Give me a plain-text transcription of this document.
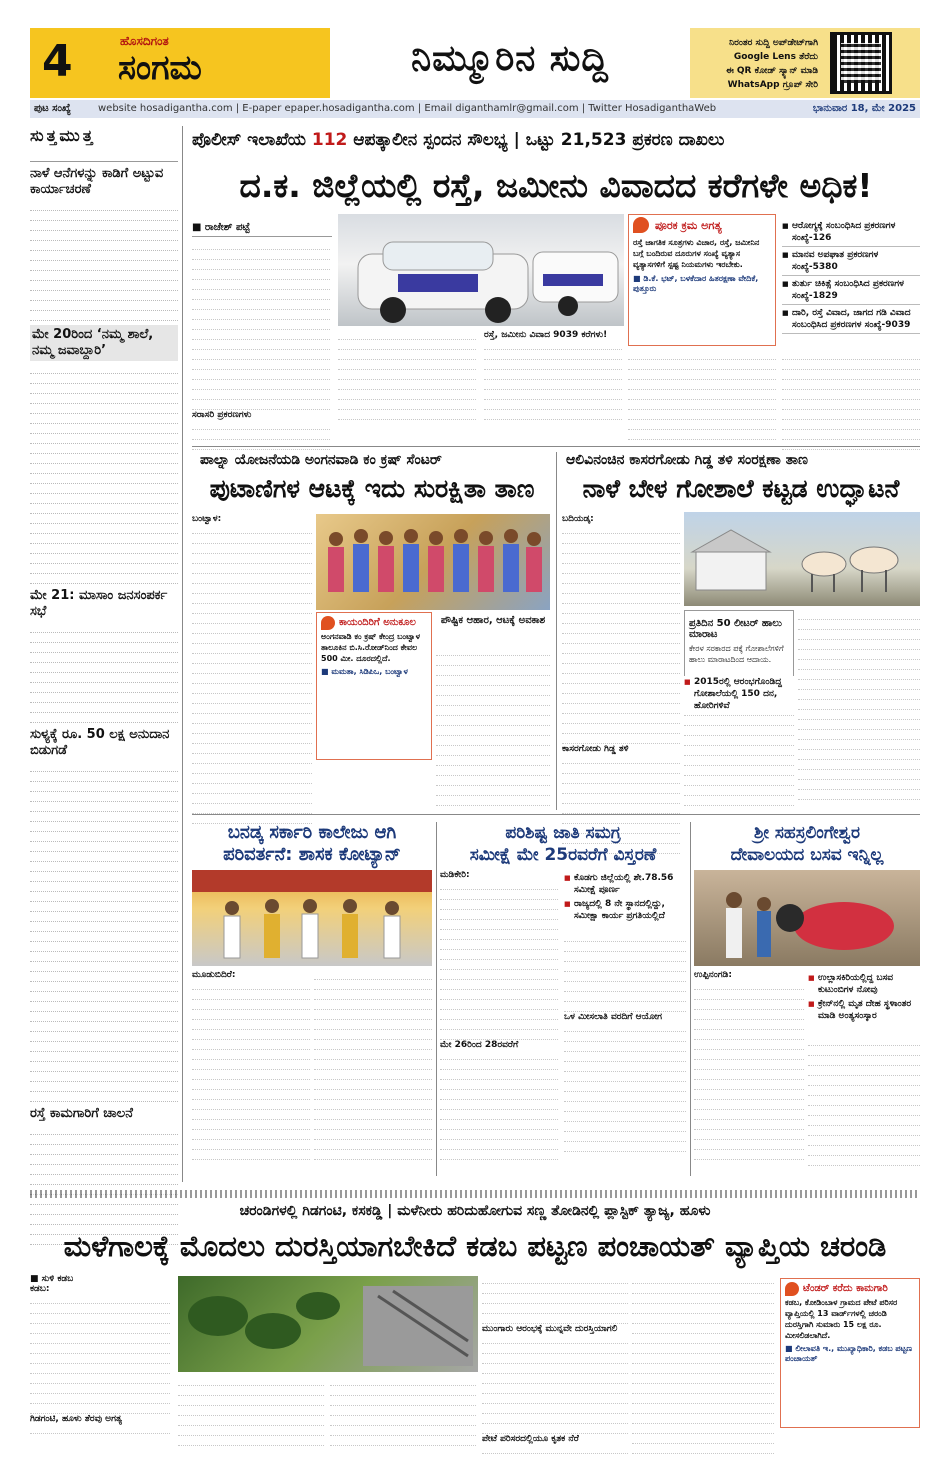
4	ಹೊಸದಿಗಂತ
ಸಂಗಮ	ನಿಮ್ಮೂರಿನ ಸುದ್ದಿ	ನಿರಂತರ ಸುದ್ದಿ ಅಪ್‌ಡೇಟ್‌ಗಾಗಿ
Google Lens ತೆರೆದು
ಈ QR ಕೋಡ್ ಸ್ಕ್ಯಾನ್ ಮಾಡಿ
WhatsApp ಗ್ರೂಪ್ ಸೇರಿ
ಪುಟ ಸಂಖ್ಯೆ	website hosadigantha.com | E-paper epaper.hosadigantha.com | Email diganthamlr@gmail.com | Twitter HosadiganthaWeb	ಭಾನುವಾರ 18, ಮೇ 2025
ಸುತ್ತಮುತ್ತ
ನಾಳೆ ಆನೆಗಳನ್ನು ಕಾಡಿಗೆ ಅಟ್ಟುವ ಕಾರ್ಯಾಚರಣೆ
ಮೇ 20ರಿಂದ ‘ನಮ್ಮ ಶಾಲೆ, ನಮ್ಮ ಜವಾಬ್ದಾರಿ’
ಮೇ 21: ಮಾಸಾಂ ಜನಸಂಪರ್ಕ ಸಭೆ
ಸುಳ್ಯಕ್ಕೆ ರೂ. 50 ಲಕ್ಷ ಅನುದಾನ ಬಿಡುಗಡೆ
ರಸ್ತೆ ಕಾಮಗಾರಿಗೆ ಚಾಲನೆ
ಪೊಲೀಸ್ ಇಲಾಖೆಯ 112 ಆಪತ್ಕಾಲೀನ ಸ್ಪಂದನ ಸೌಲಭ್ಯ | ಒಟ್ಟು 21,523 ಪ್ರಕರಣ ದಾಖಲು
ದ.ಕ. ಜಿಲ್ಲೆಯಲ್ಲಿ ರಸ್ತೆ, ಜಮೀನು ವಿವಾದದ ಕರೆಗಳೇ ಅಧಿಕ!
■ ರಾಜೇಶ್ ಪಟ್ಟೆ
ಸರಾಸರಿ ಪ್ರಕರಣಗಳು
ರಸ್ತೆ, ಜಮೀನು ವಿವಾದ 9039 ಕರೆಗಳು!
ಪೂರಕ ಕ್ರಮ ಅಗತ್ಯ
ರಸ್ತೆ ಜಾಗತಿಕ ಸೂತ್ರಗಳು ವಿಚಾರ, ರಸ್ತೆ, ಜಮೀನಿನ ಬಗ್ಗೆ ಬಂದಿರುವ ದೂರುಗಳ ಸಂಖ್ಯೆ ವ್ಯತ್ಯಾಸ ವ್ಯತ್ಯಾಸಗಳಿಗೆ ಸ್ಪಷ್ಟ ನಿಯಮಗಳು ಇರಬೇಕು.
■ ಡಿ.ಕೆ. ಭಟ್, ಬಳಕೆದಾರ ಹಿತರಕ್ಷಣಾ ವೇದಿಕೆ, ಪುತ್ತೂರು
■ ಆರೋಗ್ಯಕ್ಕೆ ಸಂಬಂಧಿಸಿದ ಪ್ರಕರಣಗಳ ಸಂಖ್ಯೆ-126
■ ಮಾನವ ಅಪಘಾತ ಪ್ರಕರಣಗಳ ಸಂಖ್ಯೆ-5380
■ ತುರ್ತು ಚಿಕಿತ್ಸೆ ಸಂಬಂಧಿಸಿದ ಪ್ರಕರಣಗಳ ಸಂಖ್ಯೆ-1829
■ ದಾರಿ, ರಸ್ತೆ ವಿವಾದ, ಜಾಗದ ಗಡಿ ವಿವಾದ ಸಂಬಂಧಿಸಿದ ಪ್ರಕರಣಗಳ ಸಂಖ್ಯೆ-9039
ಪಾಲ್ನಾ ಯೋಜನೆಯಡಿ ಅಂಗನವಾಡಿ ಕಂ ಕ್ರಷ್ ಸೆಂಟರ್
ಪುಟಾಣಿಗಳ ಆಟಕ್ಕೆ ಇದು ಸುರಕ್ಷಿತಾ ತಾಣ
ಬಂಟ್ವಾಳ:
ಕಾಯಂದಿರಿಗೆ ಅನುಕೂಲ
ಅಂಗನವಾಡಿ ಕಂ ಕ್ರಷ್ ಕೇಂದ್ರ ಬಂಟ್ವಾಳ ತಾಲೂಕಿನ ಬಿ.ಸಿ.ರೋಡ್‌ನಿಂದ ಕೇವಲ 500 ಮೀ. ದೂರದಲ್ಲಿದೆ.
■ ಮಮತಾ, ಸಿಡಿಪಿಒ, ಬಂಟ್ವಾಳ
ಪೌಷ್ಟಿಕ ಆಹಾರ, ಆಟಕ್ಕೆ ಅವಕಾಶ
ಆಲಿವಿನಂಚಿನ ಕಾಸರಗೋಡು ಗಿಡ್ಡ ತಳಿ ಸಂರಕ್ಷಣಾ ತಾಣ
ನಾಳೆ ಬೇಳ ಗೋಶಾಲೆ ಕಟ್ಟಡ ಉದ್ಘಾಟನೆ
ಬದಿಯಡ್ಕ:
ಕಾಸರಗೋಡು ಗಿಡ್ಡ ತಳಿ
ಪ್ರತಿದಿನ 50 ಲೀಟರ್ ಹಾಲು ಮಾರಾಟ
ಕೇರಳ ಸರಕಾರದ ಪಕ್ಕೆ ಗೋಶಾಲೆಗಳಿಗೆ ಹಾಲು ಮಾರಾಟದಿಂದ ಆದಾಯ.
■ 2015ರಲ್ಲಿ ಆರಂಭಗೊಂಡಿದ್ದ ಗೋಶಾಲೆಯಲ್ಲಿ 150 ದನ, ಹೋರಿಗಳಿವೆ
ಬನಡ್ಕ ಸರ್ಕಾರಿ ಕಾಲೇಜು ಆಗಿ
ಪರಿವರ್ತನೆ: ಶಾಸಕ ಕೋಟ್ಯಾನ್
ಮೂಡುಬಿದಿರೆ:
ಪರಿಶಿಷ್ಟ ಜಾತಿ ಸಮಗ್ರ
ಸಮೀಕ್ಷೆ ಮೇ 25ರವರೆಗೆ ವಿಸ್ತರಣೆ
ಮಡಿಕೇರಿ:
ಮೇ 26ರಿಂದ 28ರವರೆಗೆ
■ ಕೊಡಗು ಜಿಲ್ಲೆಯಲ್ಲಿ ಶೇ.78.56 ಸಮೀಕ್ಷೆ ಪೂರ್ಣ
■ ರಾಜ್ಯದಲ್ಲಿ 8 ನೇ ಸ್ಥಾನದಲ್ಲಿದ್ದು, ಸಮೀಕ್ಷಾ ಕಾರ್ಯ ಪ್ರಗತಿಯಲ್ಲಿದೆ
ಒಳ ಮೀಸಲಾತಿ ವರದಿಗೆ ಆಯೋಗ
ಶ್ರೀ ಸಹಸ್ರಲಿಂಗೇಶ್ವರ
ದೇವಾಲಯದ ಬಸವ ಇನ್ನಿಲ್ಲ
ಉಪ್ಪಿನಂಗಡಿ:
■	ಉಲ್ಲಾಸಕಿರಿಯಲ್ಲಿದ್ದ ಬಸವ ಕುಟುಂಬಿಗಳ ನೋವು
■ ಕ್ರೇನ್‌ನಲ್ಲಿ ಮೃತ ದೇಹ ಸ್ಥಳಾಂತರ ಮಾಡಿ ಅಂತ್ಯಸಂಸ್ಕಾರ
ಚರಂಡಿಗಳಲ್ಲಿ ಗಿಡಗಂಟಿ, ಕಸಕಡ್ಡಿ | ಮಳೆನೀರು ಹರಿದುಹೋಗುವ ಸಣ್ಣ ತೋಡಿನಲ್ಲಿ ಪ್ಲಾಸ್ಟಿಕ್ ತ್ಯಾಜ್ಯ, ಹೂಳು
ಮಳೆಗಾಲಕ್ಕೆ ಮೊದಲು ದುರಸ್ತಿಯಾಗಬೇಕಿದೆ ಕಡಬ ಪಟ್ಟಣ ಪಂಚಾಯತ್ ವ್ಯಾಪ್ತಿಯ ಚರಂಡಿ
■ ಸುಳಿ ಕಡಬ
ಕಡಬ:
ಗಿಡಗಂಟಿ, ಹೂಳು ತೆರವು ಅಗತ್ಯ
ಮುಂಗಾರು ಆರಂಭಕ್ಕೆ ಮುನ್ನವೇ ದುರಸ್ತಿಯಾಗಲಿ
ಪೇಟೆ ಪರಿಸರದಲ್ಲಿಯೂ ಕೃತಕ ನೆರೆ
ಟೆಂಡರ್ ಕರೆದು ಕಾಮಗಾರಿ
ಕಡಬ, ಕೋಡಿಂಬಾಳ ಗ್ರಾಮದ ಪೇಟೆ ಪರಿಸರ ವ್ಯಾಪ್ತಿಯಲ್ಲಿ 13 ವಾರ್ಡ್‌ಗಳಲ್ಲಿ ಚರಂಡಿ ದುರಸ್ತಿಗಾಗಿ ಸುಮಾರು 15 ಲಕ್ಷ ರೂ. ಮೀಸಲಿಡಲಾಗಿದೆ.
■ ಲೀಲಾವತಿ ಇ., ಮುಖ್ಯಾಧಿಕಾರಿ, ಕಡಬ ಪಟ್ಟಣ ಪಂಚಾಯತ್
